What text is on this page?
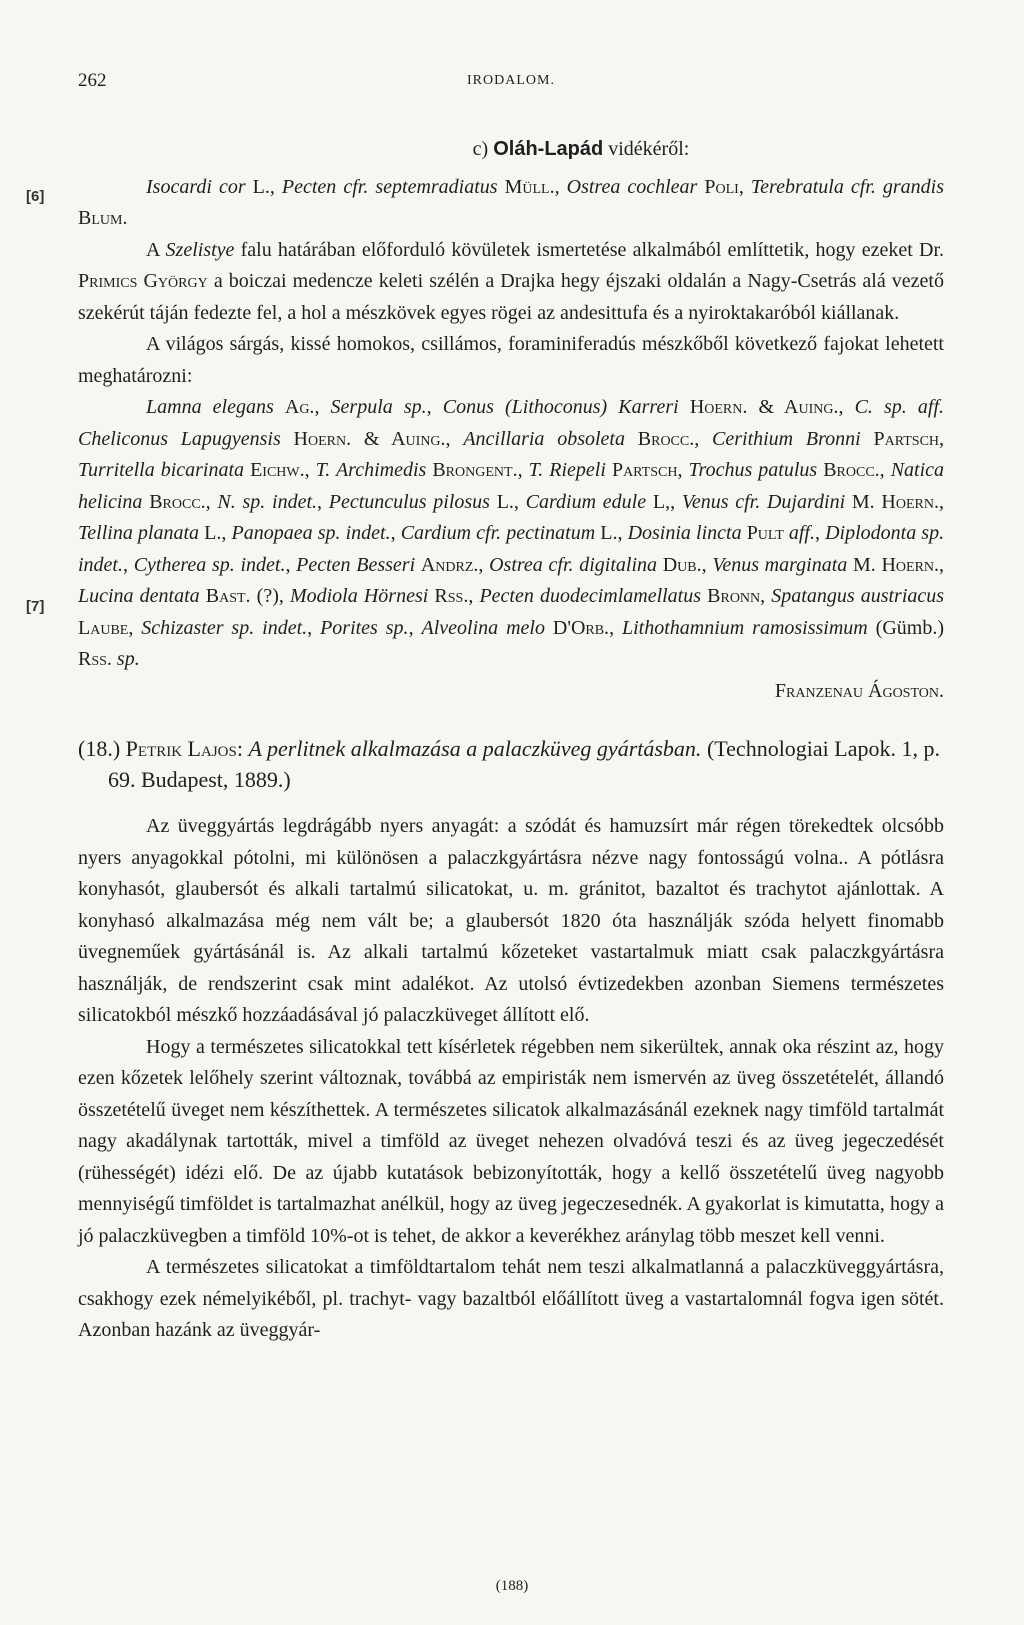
262	IRODALOM.
[6]
[7]
c) Oláh-Lapád vidékéről:

Isocardi cor L., Pecten cfr. septemradiatus Müll., Ostrea cochlear Poli, Terebratula cfr. grandis Blum.

A Szelistye falu határában előforduló kövületek ismertetése alkalmából említtetik, hogy ezeket Dr. Primics György a boiczai medencze keleti szélén a Drajka hegy éjszaki oldalán a Nagy-Csetrás alá vezető szekérút táján fedezte fel, a hol a mészkövek egyes rögei az andesittufa és a nyiroktakaróból kiállanak.

A világos sárgás, kissé homokos, csillámos, foraminiferadús mészkőből következő fajokat lehetett meghatározni:

Lamna elegans Ag., Serpula sp., Conus (Lithoconus) Karreri Hoern. & Auing., C. sp. aff. Cheliconus Lapugyensis Hoern. & Auing., Ancillaria obsoleta Brocc., Cerithium Bronni Partsch, Turritella bicarinata Eichw., T. Archimedis Brongent., T. Riepeli Partsch, Trochus patulus Brocc., Natica helicina Brocc., N. sp. indet., Pectunculus pilosus L., Cardium edule L,, Venus cfr. Dujardini M. Hoern., Tellina planata L., Panopaea sp. indet., Cardium cfr. pectinatum L., Dosinia lincta Pult aff., Diplodonta sp. indet., Cytherea sp. indet., Pecten Besseri Andrz., Ostrea cfr. digitalina Dub., Venus marginata M. Hoern., Lucina dentata Bast. (?), Modiola Hörnesi Rss., Pecten duodecimlamellatus Bronn, Spatangus austriacus Laube, Schizaster sp. indet., Porites sp., Alveolina melo D'Orb., Lithothamnium ramosissimum (Gümb.) Rss. sp.

Franzenau Ágoston.

(18.) Petrik Lajos: A perlitnek alkalmazása a palaczküveg gyártásban. (Technologiai Lapok. 1, p. 69. Budapest, 1889.)

Az üveggyártás legdrágább nyers anyagát: a szódát és hamuzsírt már régen törekedtek olcsóbb nyers anyagokkal pótolni, mi különösen a palaczkgyártásra nézve nagy fontosságú volna.. A pótlásra konyhasót, glaubersót és alkali tartalmú silicatokat, u. m. gránitot, bazaltot és trachytot ajánlottak. A konyhasó alkalmazása még nem vált be; a glaubersót 1820 óta használják szóda helyett finomabb üvegneműek gyártásánál is. Az alkali tartalmú kőzeteket vastartalmuk miatt csak palaczkgyártásra használják, de rendszerint csak mint adalékot. Az utolsó évtizedekben azonban Siemens természetes silicatokból mészkő hozzáadásával jó palaczküveget állított elő.

Hogy a természetes silicatokkal tett kísérletek régebben nem sikerültek, annak oka részint az, hogy ezen kőzetek lelőhely szerint változnak, továbbá az empiristák nem ismervén az üveg összetételét, állandó összetételű üveget nem készíthettek. A természetes silicatok alkalmazásánál ezeknek nagy timföld tartalmát nagy akadálynak tartották, mivel a timföld az üveget nehezen olvadóvá teszi és az üveg jegeczedését (rühességét) idézi elő. De az újabb kutatások bebizonyították, hogy a kellő összetételű üveg nagyobb mennyiségű timföldet is tartalmazhat anélkül, hogy az üveg jegeczesednék. A gyakorlat is kimutatta, hogy a jó palaczküvegben a timföld 10%-ot is tehet, de akkor a keverékhez aránylag több meszet kell venni.

A természetes silicatokat a timföldtartalom tehát nem teszi alkalmatlanná a palaczküveggyártásra, csakhogy ezek némelyikéből, pl. trachyt- vagy bazaltból előállított üveg a vastartalomnál fogva igen sötét. Azonban hazánk az üveggyár-

(188)
